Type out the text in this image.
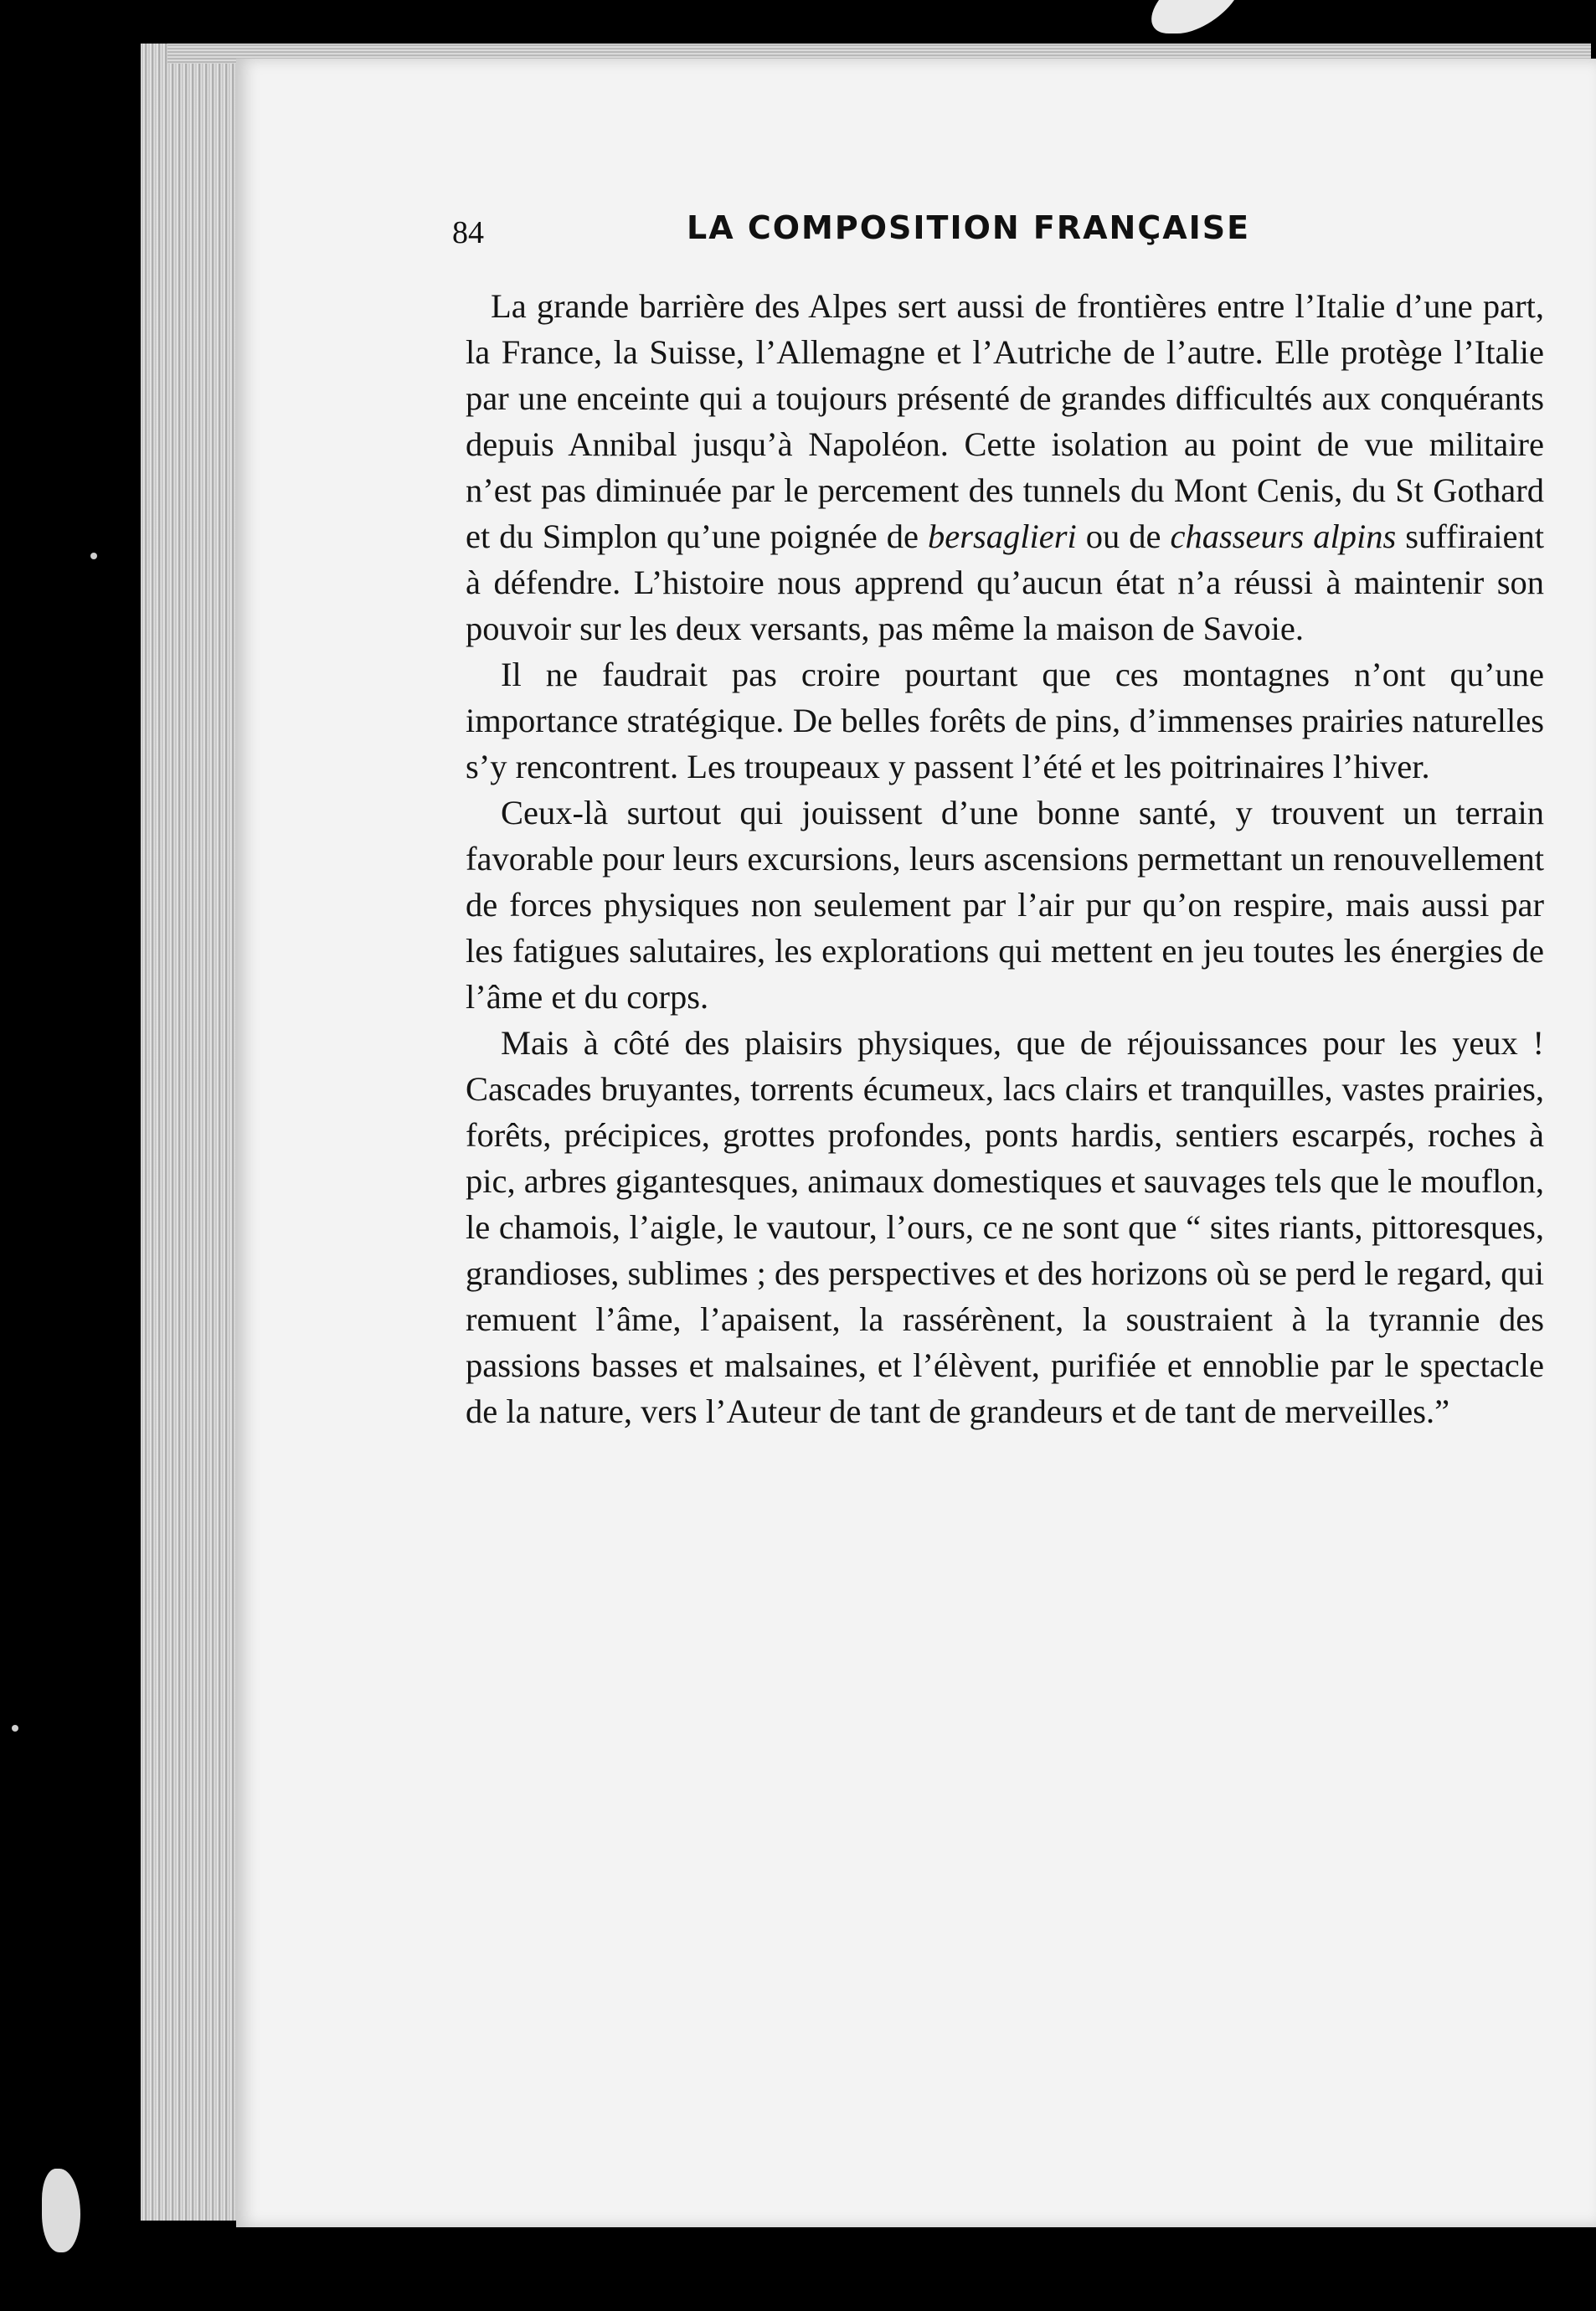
84	LA COMPOSITION FRANÇAISE

La grande barrière des Alpes sert aussi de frontières entre l’Italie d’une part, la France, la Suisse, l’Allemagne et l’Autriche de l’autre. Elle protège l’Italie par une enceinte qui a toujours présenté de grandes difficultés aux conquérants depuis Annibal jusqu’à Napoléon. Cette isolation au point de vue militaire n’est pas diminuée par le percement des tunnels du Mont Cenis, du St Gothard et du Simplon qu’une poignée de bersaglieri ou de chasseurs alpins suffiraient à défendre. L’histoire nous apprend qu’aucun état n’a réussi à maintenir son pouvoir sur les deux versants, pas même la maison de Savoie.

Il ne faudrait pas croire pourtant que ces montagnes n’ont qu’une importance stratégique. De belles forêts de pins, d’immenses prairies naturelles s’y rencontrent. Les troupeaux y passent l’été et les poitrinaires l’hiver.

Ceux-là surtout qui jouissent d’une bonne santé, y trouvent un terrain favorable pour leurs excursions, leurs ascensions permettant un renouvellement de forces physiques non seulement par l’air pur qu’on respire, mais aussi par les fatigues salutaires, les explorations qui mettent en jeu toutes les énergies de l’âme et du corps.

Mais à côté des plaisirs physiques, que de réjouissances pour les yeux ! Cascades bruyantes, torrents écumeux, lacs clairs et tranquilles, vastes prairies, forêts, précipices, grottes profondes, ponts hardis, sentiers escarpés, roches à pic, arbres gigantesques, animaux domestiques et sauvages tels que le mouflon, le chamois, l’aigle, le vautour, l’ours, ce ne sont que “ sites riants, pittoresques, grandioses, sublimes ; des perspectives et des horizons où se perd le regard, qui remuent l’âme, l’apaisent, la rassérènent, la soustraient à la tyrannie des passions basses et malsaines, et l’élèvent, purifiée et ennoblie par le spectacle de la nature, vers l’Auteur de tant de grandeurs et de tant de merveilles.”
